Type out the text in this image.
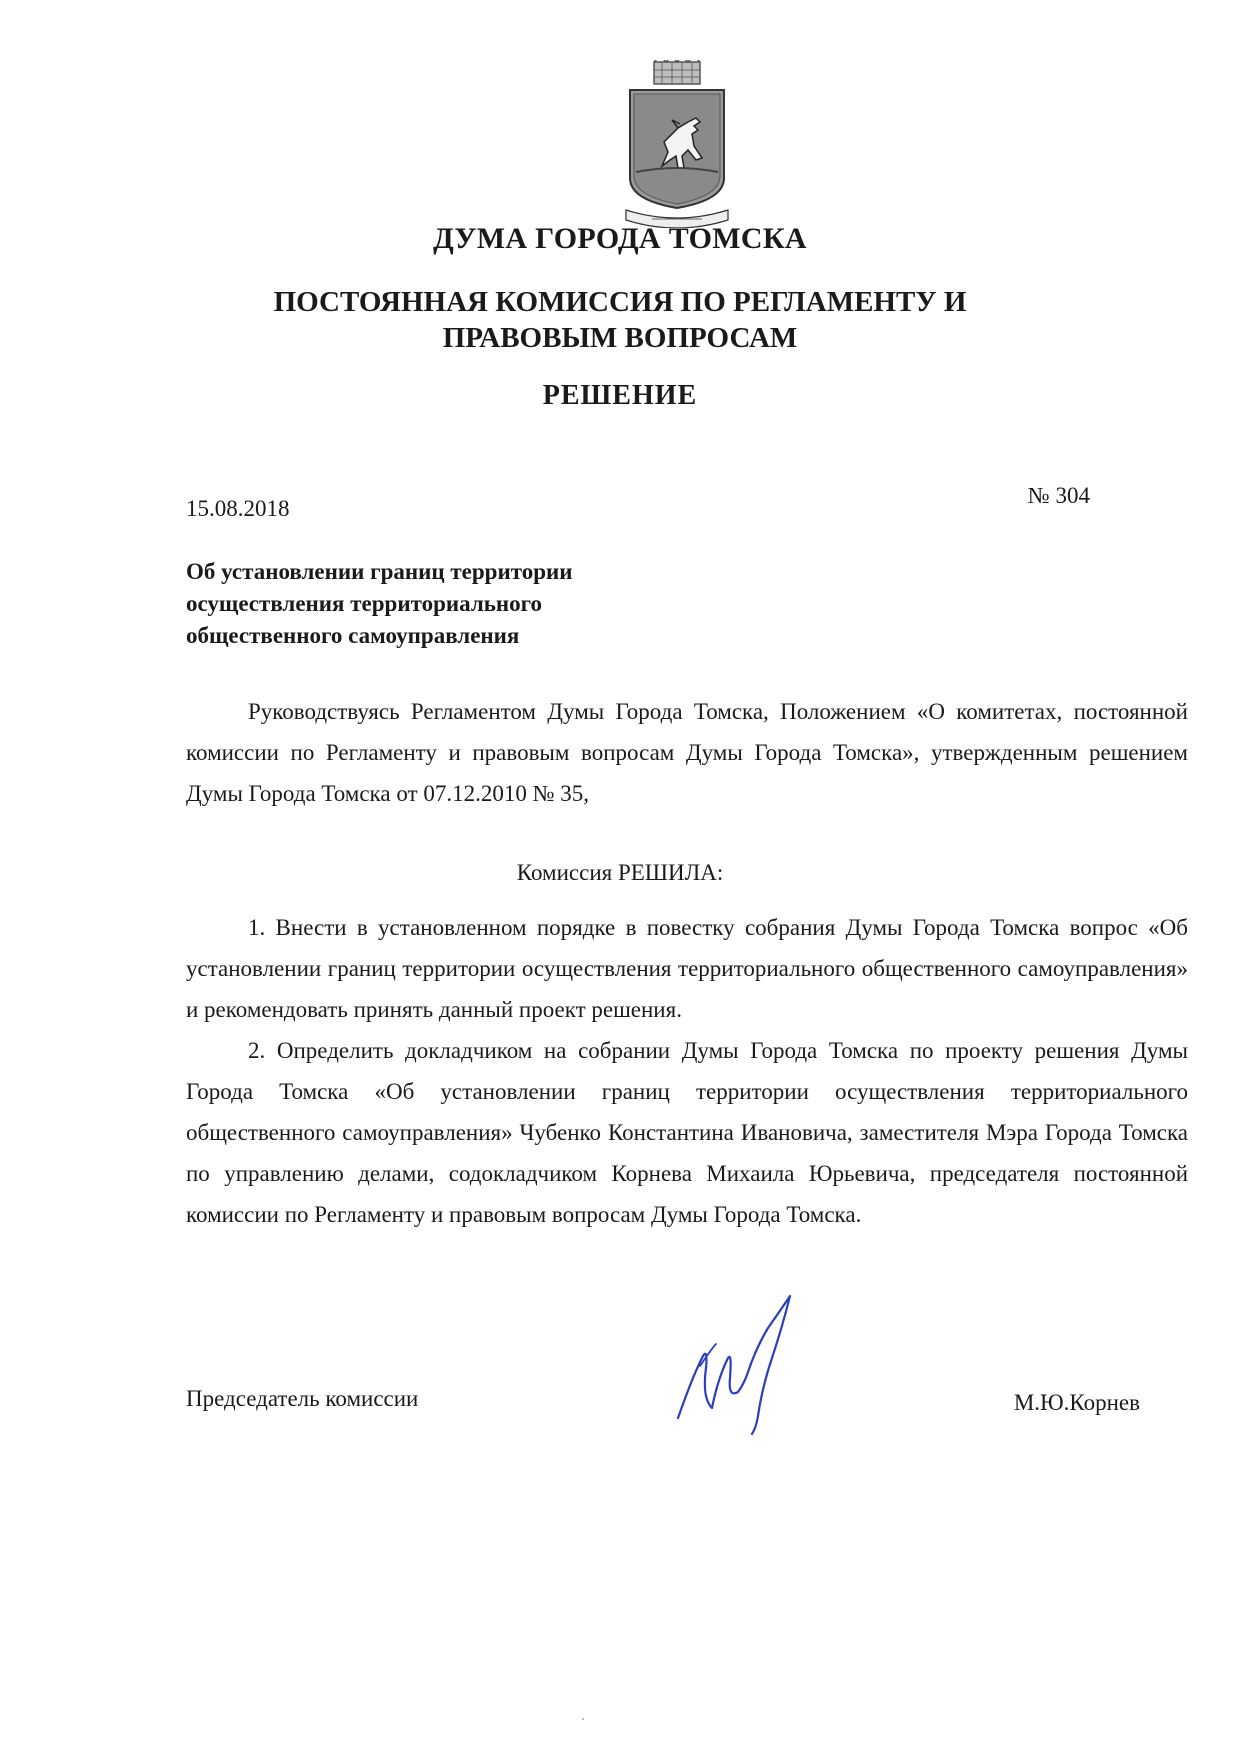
ДУМА ГОРОДА ТОМСКА
ПОСТОЯННАЯ КОМИССИЯ ПО РЕГЛАМЕНТУ И ПРАВОВЫМ ВОПРОСАМ
РЕШЕНИЕ
15.08.2018
№ 304
Об установлении границ территории осуществления территориального общественного самоуправления

Руководствуясь Регламентом Думы Города Томска, Положением «О комитетах, постоянной комиссии по Регламенту и правовым вопросам Думы Города Томска», утвержденным решением Думы Города Томска от 07.12.2010 № 35,

Комиссия РЕШИЛА:

1. Внести в установленном порядке в повестку собрания Думы Города Томска вопрос «Об установлении границ территории осуществления территориального общественного самоуправления» и рекомендовать принять данный проект решения.

2. Определить докладчиком на собрании Думы Города Томска по проекту решения Думы Города Томска «Об установлении границ территории осуществления территориального общественного самоуправления» Чубенко Константина Ивановича, заместителя Мэра Города Томска по управлению делами, содокладчиком Корнева Михаила Юрьевича, председателя постоянной комиссии по Регламенту и правовым вопросам Думы Города Томска.

Председатель комиссии	М.Ю.Корнев
